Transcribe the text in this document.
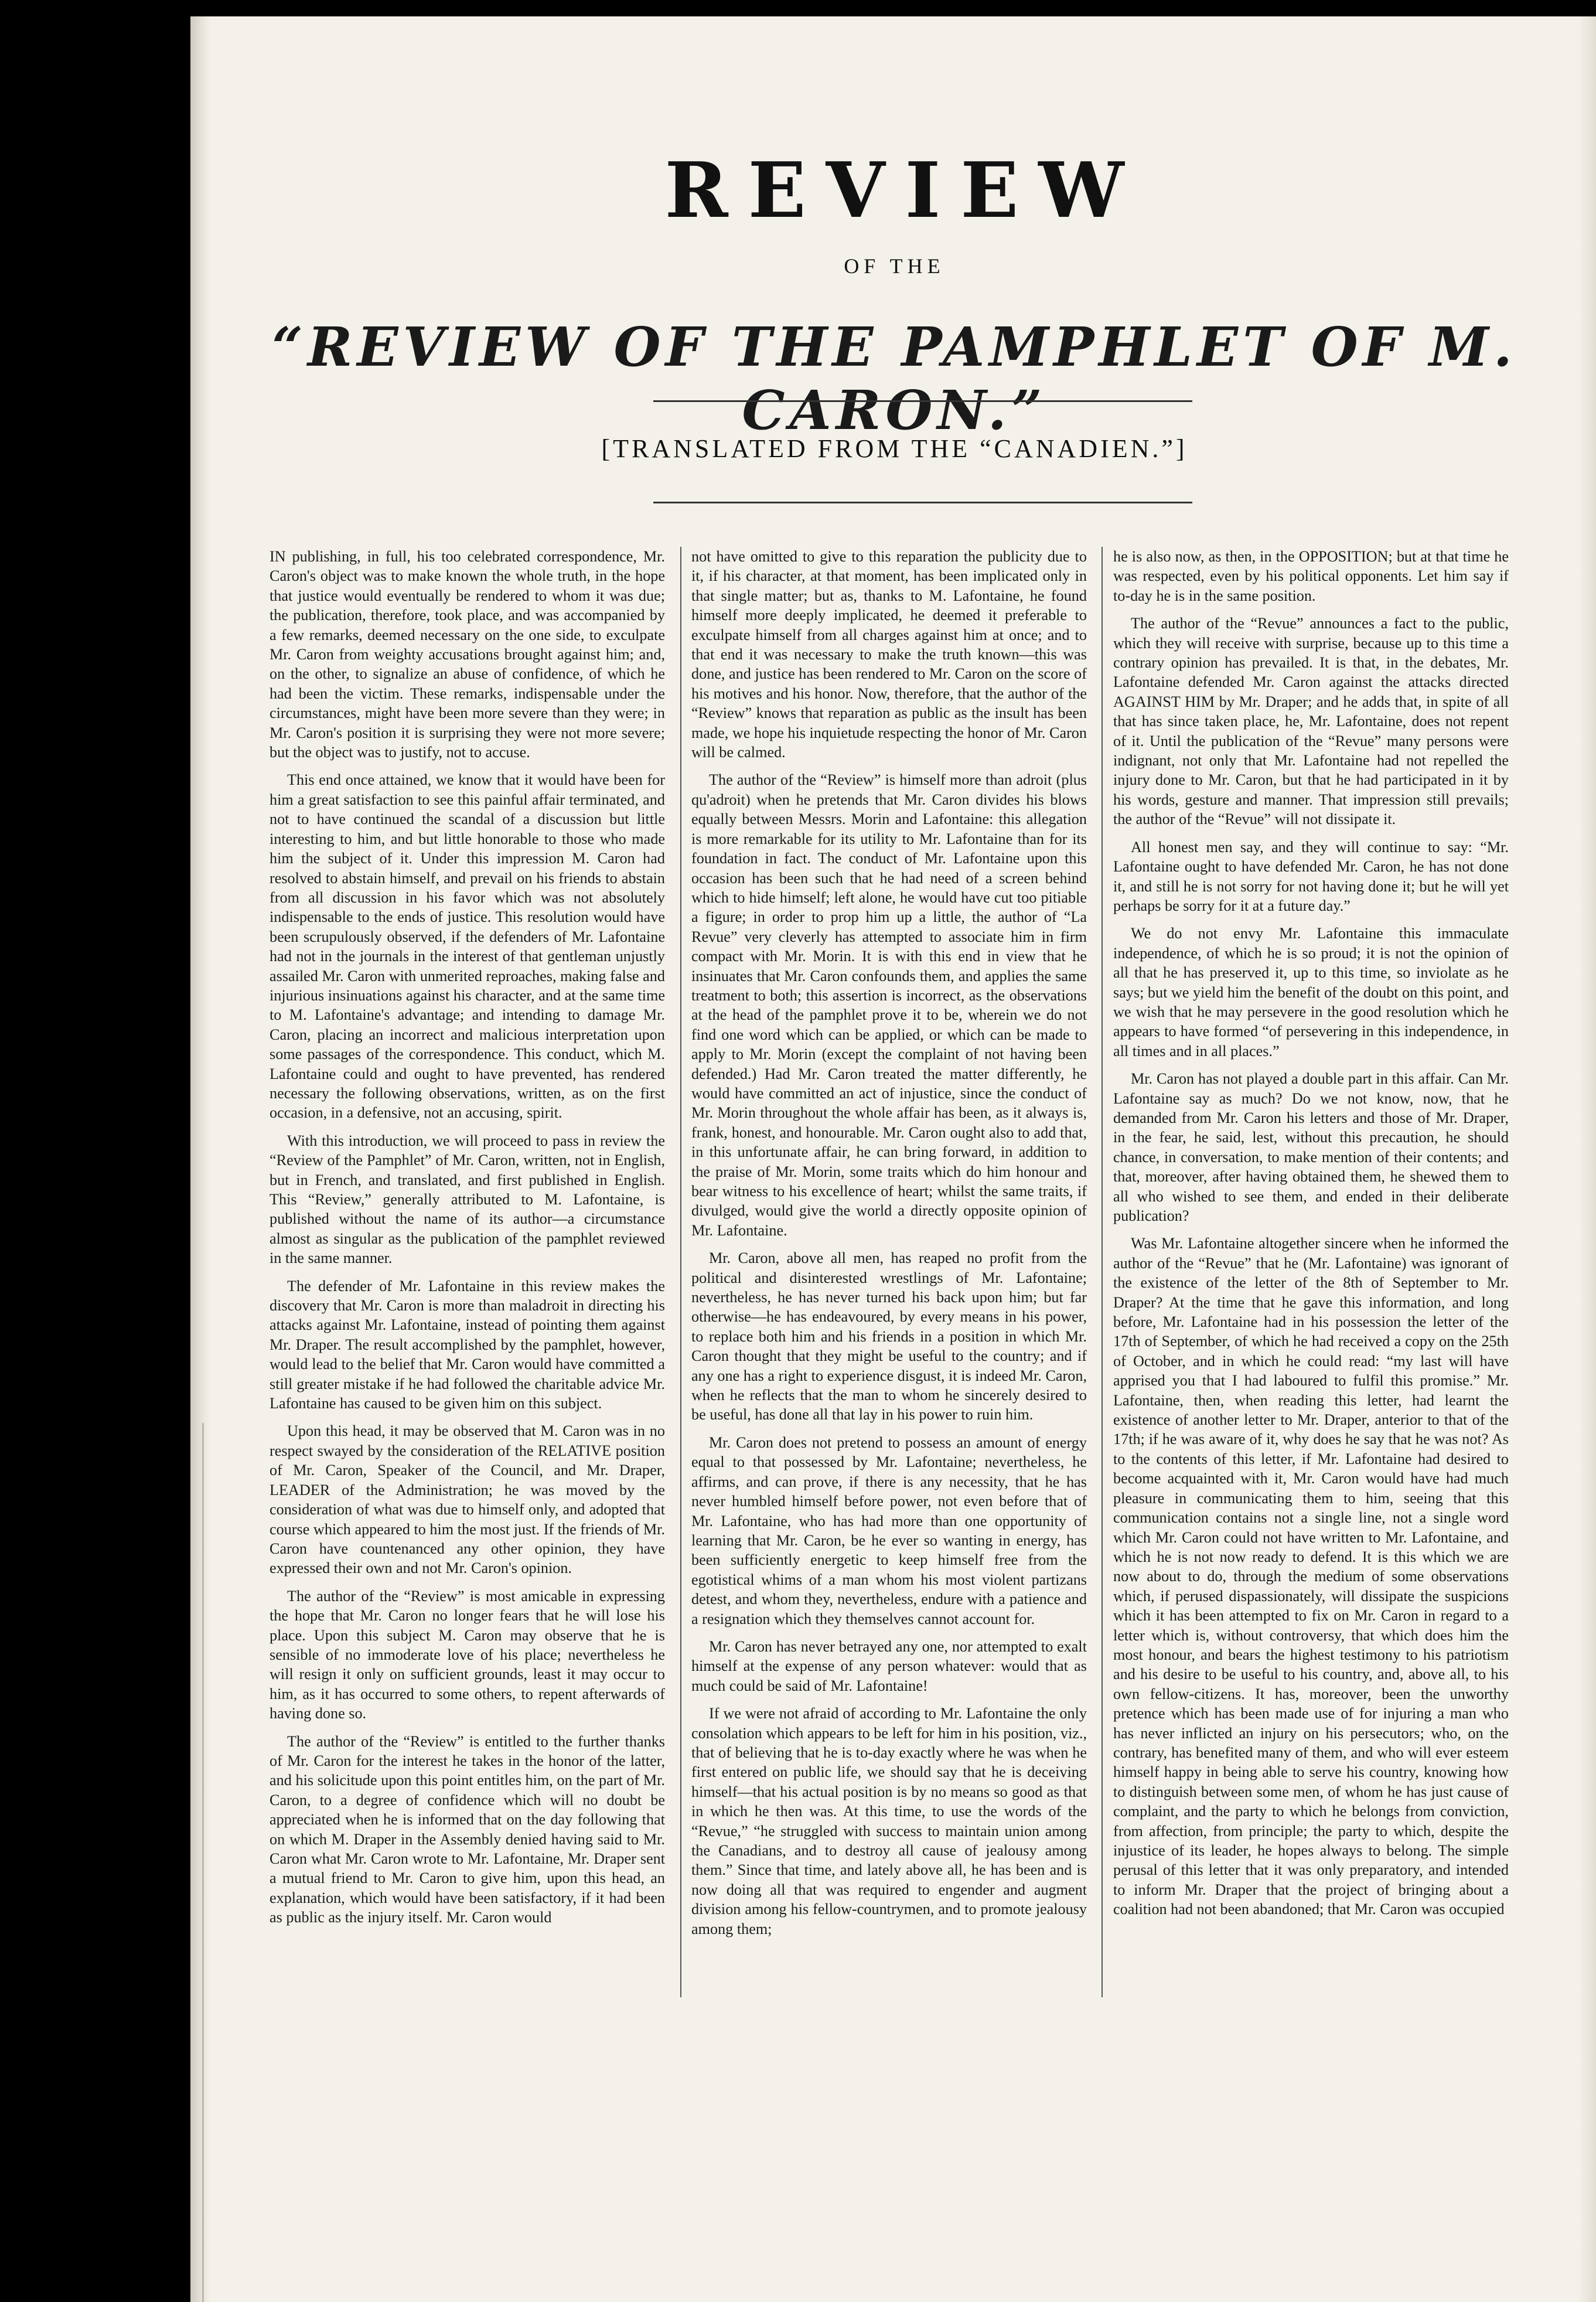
REVIEW
OF THE
“REVIEW OF THE PAMPHLET OF M. CARON.”
[TRANSLATED FROM THE “CANADIEN.”]

IN publishing, in full, his too celebrated correspondence, Mr. Caron's object was to make known the whole truth, in the hope that justice would eventually be rendered to whom it was due; the publication, therefore, took place, and was accompanied by a few remarks, deemed necessary on the one side, to exculpate Mr. Caron from weighty accusations brought against him; and, on the other, to signalize an abuse of confidence, of which he had been the victim. These remarks, indispensable under the circumstances, might have been more severe than they were; in Mr. Caron's position it is surprising they were not more severe; but the object was to justify, not to accuse.

This end once attained, we know that it would have been for him a great satisfaction to see this painful affair terminated, and not to have continued the scandal of a discussion but little interesting to him, and but little honorable to those who made him the subject of it. Under this impression M. Caron had resolved to abstain himself, and prevail on his friends to abstain from all discussion in his favor which was not absolutely indispensable to the ends of justice. This resolution would have been scrupulously observed, if the defenders of Mr. Lafontaine had not in the journals in the interest of that gentleman unjustly assailed Mr. Caron with unmerited reproaches, making false and injurious insinuations against his character, and at the same time to M. Lafontaine's advantage; and intending to damage Mr. Caron, placing an incorrect and malicious interpretation upon some passages of the correspondence. This conduct, which M. Lafontaine could and ought to have prevented, has rendered necessary the following observations, written, as on the first occasion, in a defensive, not an accusing, spirit.

With this introduction, we will proceed to pass in review the “Review of the Pamphlet” of Mr. Caron, written, not in English, but in French, and translated, and first published in English. This “Review,” generally attributed to M. Lafontaine, is published without the name of its author—a circumstance almost as singular as the publication of the pamphlet reviewed in the same manner.

The defender of Mr. Lafontaine in this review makes the discovery that Mr. Caron is more than maladroit in directing his attacks against Mr. Lafontaine, instead of pointing them against Mr. Draper. The result accomplished by the pamphlet, however, would lead to the belief that Mr. Caron would have committed a still greater mistake if he had followed the charitable advice Mr. Lafontaine has caused to be given him on this subject.

Upon this head, it may be observed that M. Caron was in no respect swayed by the consideration of the RELATIVE position of Mr. Caron, Speaker of the Council, and Mr. Draper, LEADER of the Administration; he was moved by the consideration of what was due to himself only, and adopted that course which appeared to him the most just. If the friends of Mr. Caron have countenanced any other opinion, they have expressed their own and not Mr. Caron's opinion.

The author of the “Review” is most amicable in expressing the hope that Mr. Caron no longer fears that he will lose his place. Upon this subject M. Caron may observe that he is sensible of no immoderate love of his place; nevertheless he will resign it only on sufficient grounds, least it may occur to him, as it has occurred to some others, to repent afterwards of having done so.

The author of the “Review” is entitled to the further thanks of Mr. Caron for the interest he takes in the honor of the latter, and his solicitude upon this point entitles him, on the part of Mr. Caron, to a degree of confidence which will no doubt be appreciated when he is informed that on the day following that on which M. Draper in the Assembly denied having said to Mr. Caron what Mr. Caron wrote to Mr. Lafontaine, Mr. Draper sent a mutual friend to Mr. Caron to give him, upon this head, an explanation, which would have been satisfactory, if it had been as public as the injury itself. Mr. Caron would

not have omitted to give to this reparation the publicity due to it, if his character, at that moment, has been implicated only in that single matter; but as, thanks to M. Lafontaine, he found himself more deeply implicated, he deemed it preferable to exculpate himself from all charges against him at once; and to that end it was necessary to make the truth known—this was done, and justice has been rendered to Mr. Caron on the score of his motives and his honor. Now, therefore, that the author of the “Review” knows that reparation as public as the insult has been made, we hope his inquietude respecting the honor of Mr. Caron will be calmed.

The author of the “Review” is himself more than adroit (plus qu'adroit) when he pretends that Mr. Caron divides his blows equally between Messrs. Morin and Lafontaine: this allegation is more remarkable for its utility to Mr. Lafontaine than for its foundation in fact. The conduct of Mr. Lafontaine upon this occasion has been such that he had need of a screen behind which to hide himself; left alone, he would have cut too pitiable a figure; in order to prop him up a little, the author of “La Revue” very cleverly has attempted to associate him in firm compact with Mr. Morin. It is with this end in view that he insinuates that Mr. Caron confounds them, and applies the same treatment to both; this assertion is incorrect, as the observations at the head of the pamphlet prove it to be, wherein we do not find one word which can be applied, or which can be made to apply to Mr. Morin (except the complaint of not having been defended.) Had Mr. Caron treated the matter differently, he would have committed an act of injustice, since the conduct of Mr. Morin throughout the whole affair has been, as it always is, frank, honest, and honourable. Mr. Caron ought also to add that, in this unfortunate affair, he can bring forward, in addition to the praise of Mr. Morin, some traits which do him honour and bear witness to his excellence of heart; whilst the same traits, if divulged, would give the world a directly opposite opinion of Mr. Lafontaine.

Mr. Caron, above all men, has reaped no profit from the political and disinterested wrestlings of Mr. Lafontaine; nevertheless, he has never turned his back upon him; but far otherwise—he has endeavoured, by every means in his power, to replace both him and his friends in a position in which Mr. Caron thought that they might be useful to the country; and if any one has a right to experience disgust, it is indeed Mr. Caron, when he reflects that the man to whom he sincerely desired to be useful, has done all that lay in his power to ruin him.

Mr. Caron does not pretend to possess an amount of energy equal to that possessed by Mr. Lafontaine; nevertheless, he affirms, and can prove, if there is any necessity, that he has never humbled himself before power, not even before that of Mr. Lafontaine, who has had more than one opportunity of learning that Mr. Caron, be he ever so wanting in energy, has been sufficiently energetic to keep himself free from the egotistical whims of a man whom his most violent partizans detest, and whom they, nevertheless, endure with a patience and a resignation which they themselves cannot account for.

Mr. Caron has never betrayed any one, nor attempted to exalt himself at the expense of any person whatever: would that as much could be said of Mr. Lafontaine!

If we were not afraid of according to Mr. Lafontaine the only consolation which appears to be left for him in his position, viz., that of believing that he is to-day exactly where he was when he first entered on public life, we should say that he is deceiving himself—that his actual position is by no means so good as that in which he then was. At this time, to use the words of the “Revue,” “he struggled with success to maintain union among the Canadians, and to destroy all cause of jealousy among them.” Since that time, and lately above all, he has been and is now doing all that was required to engender and augment division among his fellow-countrymen, and to promote jealousy among them;

he is also now, as then, in the OPPOSITION; but at that time he was respected, even by his political opponents. Let him say if to-day he is in the same position.

The author of the “Revue” announces a fact to the public, which they will receive with surprise, because up to this time a contrary opinion has prevailed. It is that, in the debates, Mr. Lafontaine defended Mr. Caron against the attacks directed AGAINST HIM by Mr. Draper; and he adds that, in spite of all that has since taken place, he, Mr. Lafontaine, does not repent of it. Until the publication of the “Revue” many persons were indignant, not only that Mr. Lafontaine had not repelled the injury done to Mr. Caron, but that he had participated in it by his words, gesture and manner. That impression still prevails; the author of the “Revue” will not dissipate it.

All honest men say, and they will continue to say: “Mr. Lafontaine ought to have defended Mr. Caron, he has not done it, and still he is not sorry for not having done it; but he will yet perhaps be sorry for it at a future day.”

We do not envy Mr. Lafontaine this immaculate independence, of which he is so proud; it is not the opinion of all that he has preserved it, up to this time, so inviolate as he says; but we yield him the benefit of the doubt on this point, and we wish that he may persevere in the good resolution which he appears to have formed “of persevering in this independence, in all times and in all places.”

Mr. Caron has not played a double part in this affair. Can Mr. Lafontaine say as much? Do we not know, now, that he demanded from Mr. Caron his letters and those of Mr. Draper, in the fear, he said, lest, without this precaution, he should chance, in conversation, to make mention of their contents; and that, moreover, after having obtained them, he shewed them to all who wished to see them, and ended in their deliberate publication?

Was Mr. Lafontaine altogether sincere when he informed the author of the “Revue” that he (Mr. Lafontaine) was ignorant of the existence of the letter of the 8th of September to Mr. Draper? At the time that he gave this information, and long before, Mr. Lafontaine had in his possession the letter of the 17th of September, of which he had received a copy on the 25th of October, and in which he could read: “my last will have apprised you that I had laboured to fulfil this promise.” Mr. Lafontaine, then, when reading this letter, had learnt the existence of another letter to Mr. Draper, anterior to that of the 17th; if he was aware of it, why does he say that he was not? As to the contents of this letter, if Mr. Lafontaine had desired to become acquainted with it, Mr. Caron would have had much pleasure in communicating them to him, seeing that this communication contains not a single line, not a single word which Mr. Caron could not have written to Mr. Lafontaine, and which he is not now ready to defend. It is this which we are now about to do, through the medium of some observations which, if perused dispassionately, will dissipate the suspicions which it has been attempted to fix on Mr. Caron in regard to a letter which is, without controversy, that which does him the most honour, and bears the highest testimony to his patriotism and his desire to be useful to his country, and, above all, to his own fellow-citizens. It has, moreover, been the unworthy pretence which has been made use of for injuring a man who has never inflicted an injury on his persecutors; who, on the contrary, has benefited many of them, and who will ever esteem himself happy in being able to serve his country, knowing how to distinguish between some men, of whom he has just cause of complaint, and the party to which he belongs from conviction, from affection, from principle; the party to which, despite the injustice of its leader, he hopes always to belong. The simple perusal of this letter that it was only preparatory, and intended to inform Mr. Draper that the project of bringing about a coalition had not been abandoned; that Mr. Caron was occupied
